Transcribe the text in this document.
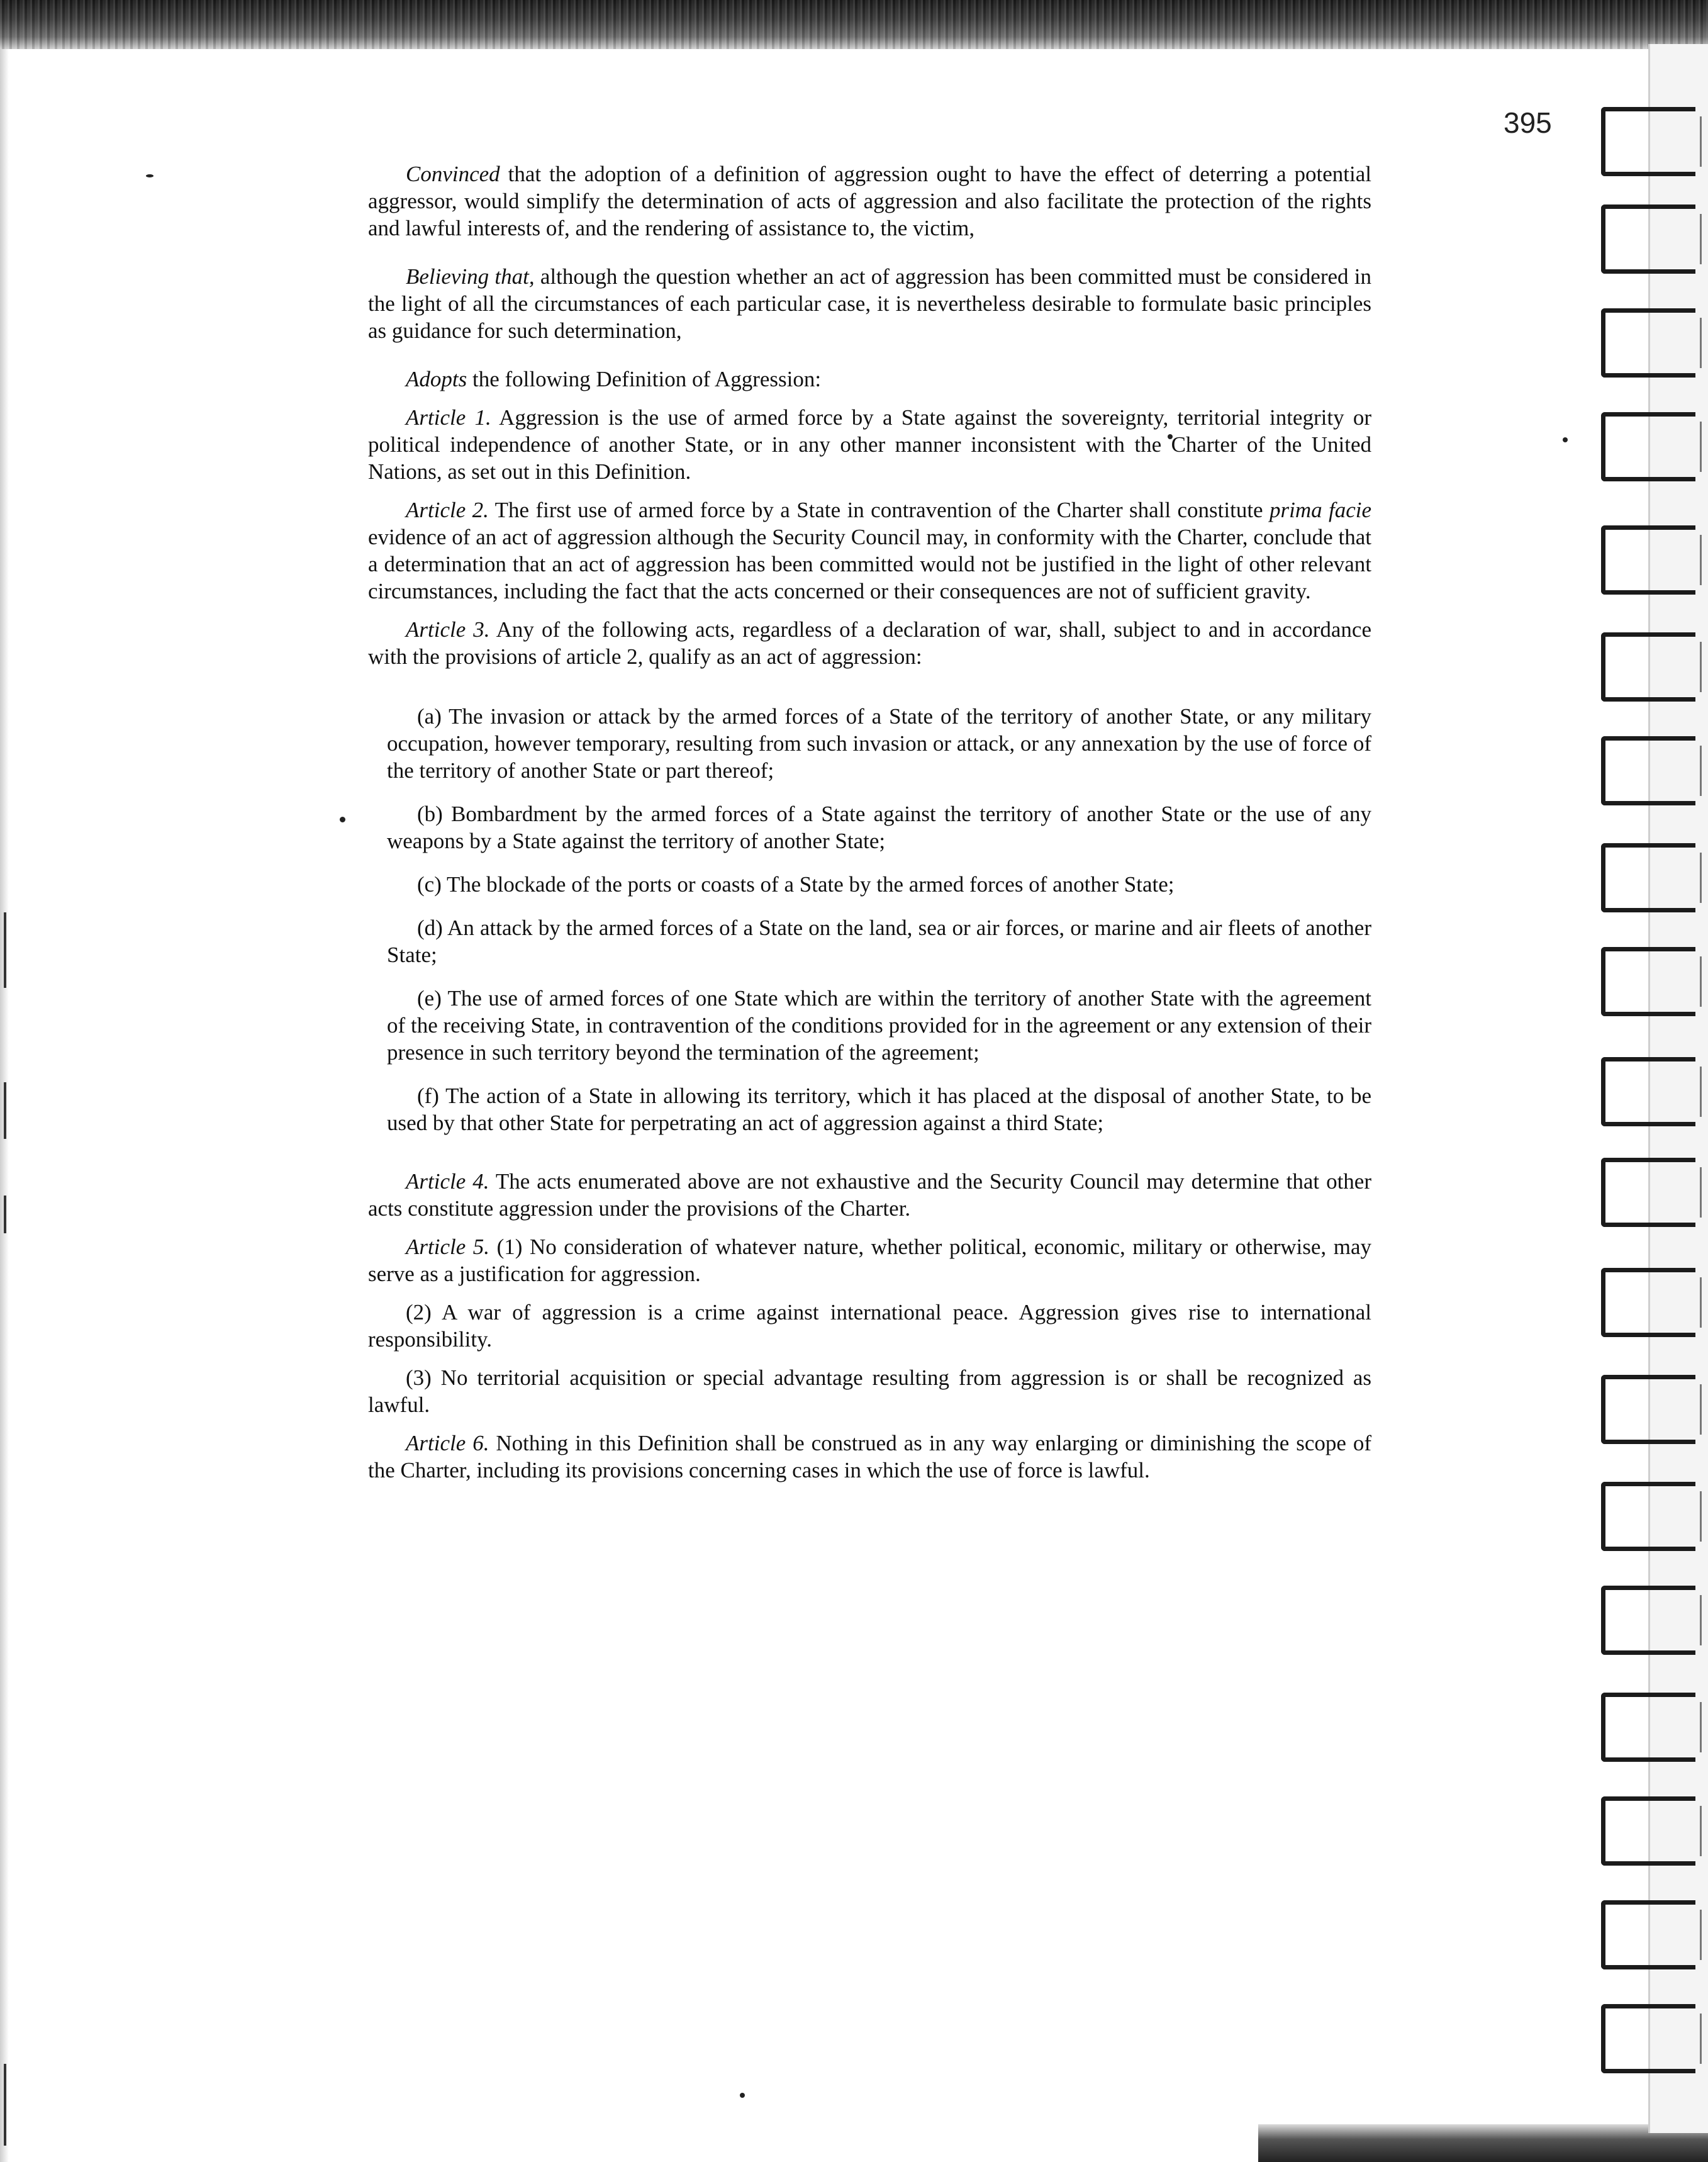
395

Convinced that the adoption of a definition of aggression ought to have the effect of deterring a potential aggressor, would simplify the determination of acts of aggression and also facilitate the protection of the rights and lawful interests of, and the rendering of assistance to, the victim,

Believing that, although the question whether an act of aggression has been committed must be considered in the light of all the circumstances of each particular case, it is nevertheless desirable to formulate basic principles as guidance for such determination,

Adopts the following Definition of Aggression:

Article 1. Aggression is the use of armed force by a State against the sovereignty, territorial integrity or political independence of another State, or in any other manner inconsistent with the Charter of the United Nations, as set out in this Definition.

Article 2. The first use of armed force by a State in contravention of the Charter shall constitute prima facie evidence of an act of aggression although the Security Council may, in conformity with the Charter, conclude that a determination that an act of aggression has been committed would not be justified in the light of other relevant circumstances, including the fact that the acts concerned or their consequences are not of sufficient gravity.

Article 3. Any of the following acts, regardless of a declaration of war, shall, subject to and in accordance with the provisions of article 2, qualify as an act of aggression:

(a) The invasion or attack by the armed forces of a State of the territory of another State, or any military occupation, however temporary, resulting from such invasion or attack, or any annexation by the use of force of the territory of another State or part thereof;

(b) Bombardment by the armed forces of a State against the territory of another State or the use of any weapons by a State against the territory of another State;

(c) The blockade of the ports or coasts of a State by the armed forces of another State;

(d) An attack by the armed forces of a State on the land, sea or air forces, or marine and air fleets of another State;

(e) The use of armed forces of one State which are within the territory of another State with the agreement of the receiving State, in contravention of the conditions provided for in the agreement or any extension of their presence in such territory beyond the termination of the agreement;

(f) The action of a State in allowing its territory, which it has placed at the disposal of another State, to be used by that other State for perpetrating an act of aggression against a third State;

Article 4. The acts enumerated above are not exhaustive and the Security Council may determine that other acts constitute aggression under the provisions of the Charter.

Article 5. (1) No consideration of whatever nature, whether political, economic, military or otherwise, may serve as a justification for aggression.

(2) A war of aggression is a crime against international peace. Aggression gives rise to international responsibility.

(3) No territorial acquisition or special advantage resulting from aggression is or shall be recognized as lawful.

Article 6. Nothing in this Definition shall be construed as in any way enlarging or diminishing the scope of the Charter, including its provisions concerning cases in which the use of force is lawful.
